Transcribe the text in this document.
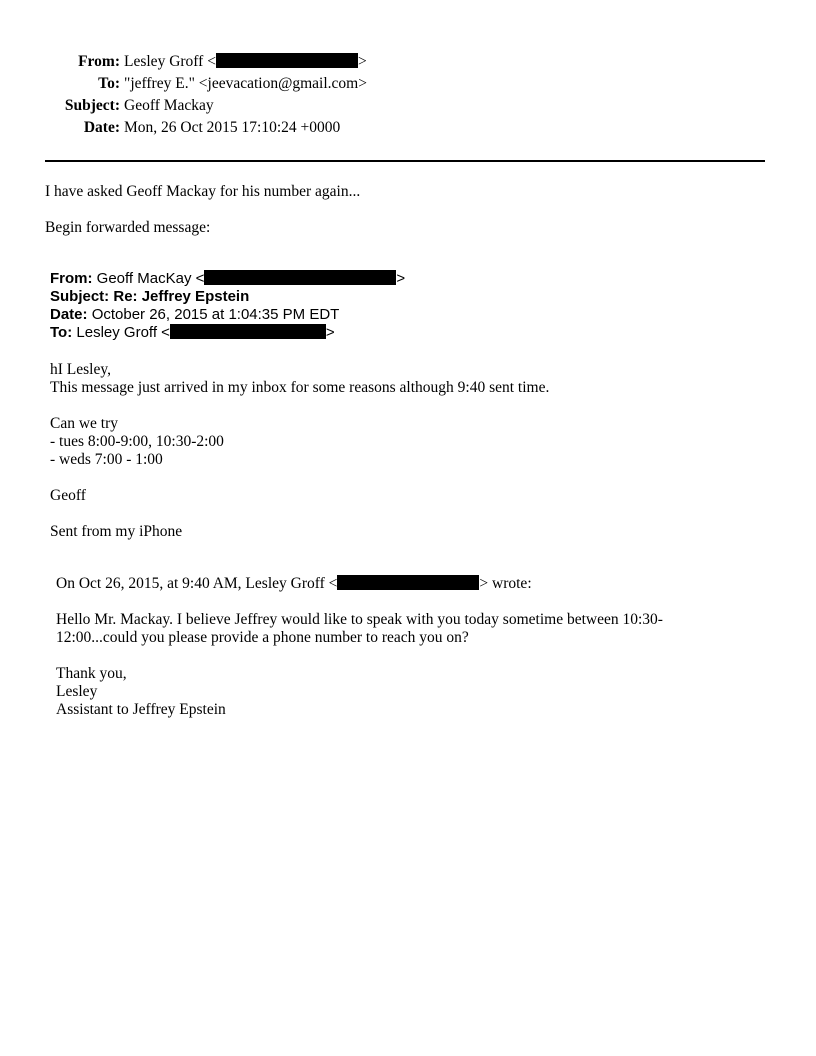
From: Lesley Groff <	>
To: "jeffrey E." <jeevacation@gmail.com>
Subject: Geoff Mackay
Date: Mon, 26 Oct 2015 17:10:24 +0000
I have asked Geoff Mackay for his number again...
Begin forwarded message:
From: Geoff MacKay <	>
Subject: Re: Jeffrey Epstein
Date: October 26, 2015 at 1:04:35 PM EDT
To: Lesley Groff <	>
hI Lesley,
This message just arrived in my inbox for some reasons although 9:40 sent time.
Can we try
- tues 8:00-9:00, 10:30-2:00
- weds 7:00 - 1:00
Geoff
Sent from my iPhone
On Oct 26, 2015, at 9:40 AM, Lesley Groff <	> wrote:
Hello Mr. Mackay. I believe Jeffrey would like to speak with you today sometime between 10:30-
12:00...could you please provide a phone number to reach you on?
Thank you,
Lesley
Assistant to Jeffrey Epstein
